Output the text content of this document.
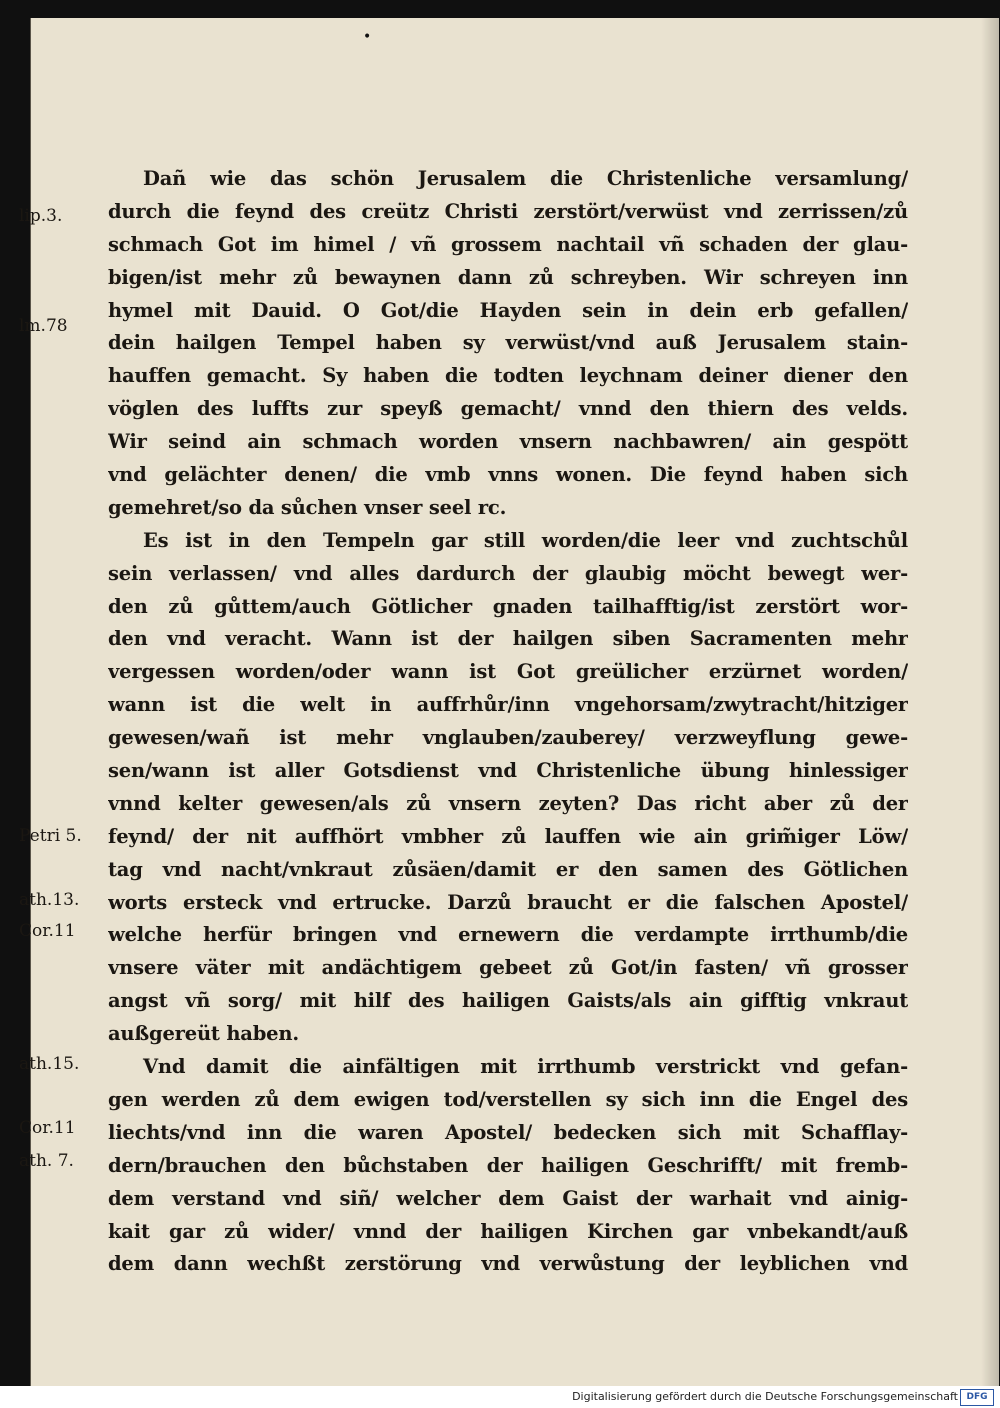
•
lip.3.
lm.78
Petri 5.
ath.13.
Cor.11
ath.15.
Cor.11
ath. 7.
Dañ wie das schön Jerusalem die Christenliche versamlung/
durch die feynd des creütz Christi zerstört/verwüst vnd zerrissen/zů
schmach Got im himel / vñ grossem nachtail vñ schaden der glau-
bigen/ist mehr zů bewaynen dann zů schreyben. Wir schreyen inn
hymel mit Dauid. O Got/die Hayden sein in dein erb gefallen/
dein hailgen Tempel haben sy verwüst/vnd auß Jerusalem stain-
hauffen gemacht. Sy haben die todten leychnam deiner diener den
vöglen des luffts zur speyß gemacht/ vnnd den thiern des velds.
Wir seind ain schmach worden vnsern nachbawren/ ain gespött
vnd gelächter denen/ die vmb vnns wonen. Die feynd haben sich
gemehret/so da sůchen vnser seel rc.
Es ist in den Tempeln gar still worden/die leer vnd zuchtschůl
sein verlassen/ vnd alles dardurch der glaubig möcht bewegt wer-
den zů gůttem/auch Götlicher gnaden tailhafftig/ist zerstört wor-
den vnd veracht. Wann ist der hailgen siben Sacramenten mehr
vergessen worden/oder wann ist Got greülicher erzürnet worden/
wann ist die welt in auffrhůr/inn vngehorsam/zwytracht/hitziger
gewesen/wañ ist mehr vnglauben/zauberey/ verzweyflung gewe-
sen/wann ist aller Gotsdienst vnd Christenliche übung hinlessiger
vnnd kelter gewesen/als zů vnsern zeyten? Das richt aber zů der
feynd/ der nit auffhört vmbher zů lauffen wie ain grim̃iger Löw/
tag vnd nacht/vnkraut zůsäen/damit er den samen des Götlichen
worts ersteck vnd ertrucke. Darzů braucht er die falschen Apostel/
welche herfür bringen vnd ernewern die verdampte irrthumb/die
vnsere väter mit andächtigem gebeet zů Got/in fasten/ vñ grosser
angst vñ sorg/ mit hilf des hailigen Gaists/als ain gifftig vnkraut
außgereüt haben.
Vnd damit die ainfältigen mit irrthumb verstrickt vnd gefan-
gen werden zů dem ewigen tod/verstellen sy sich inn die Engel des
liechts/vnd inn die waren Apostel/ bedecken sich mit Schafflay-
dern/brauchen den bůchstaben der hailigen Geschrifft/ mit fremb-
dem verstand vnd siñ/ welcher dem Gaist der warhait vnd ainig-
kait gar zů wider/ vnnd der hailigen Kirchen gar vnbekandt/auß
dem dann wechßt zerstörung vnd verwůstung der leyblichen vnd
Digitalisierung gefördert durch die Deutsche Forschungsgemeinschaft DFG
